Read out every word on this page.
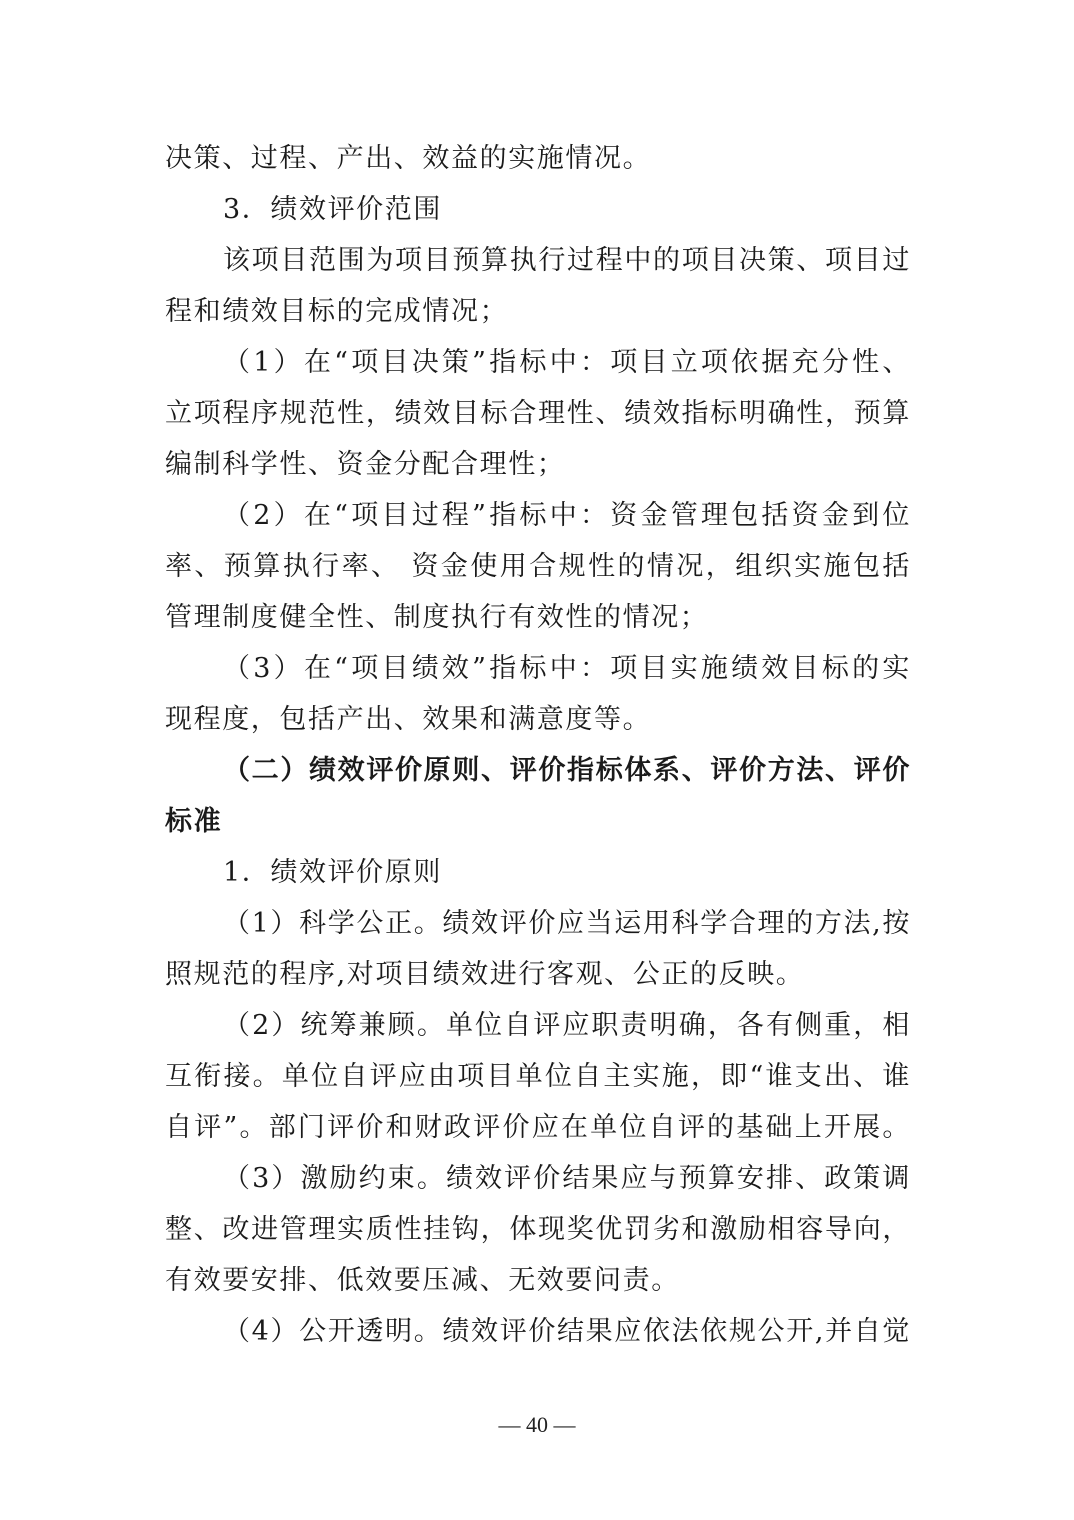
决策、过程、产出、效益的实施情况。
3．绩效评价范围
该项目范围为项目预算执行过程中的项目决策、项目过
程和绩效目标的完成情况；
（1）在“项目决策”指标中：项目立项依据充分性、
立项程序规范性，绩效目标合理性、绩效指标明确性，预算
编制科学性、资金分配合理性；
（2）在“项目过程”指标中：资金管理包括资金到位
率、预算执行率、 资金使用合规性的情况，组织实施包括
管理制度健全性、制度执行有效性的情况；
（3）在“项目绩效”指标中：项目实施绩效目标的实
现程度，包括产出、效果和满意度等。
（二）绩效评价原则、评价指标体系、评价方法、评价
标准
1．绩效评价原则
（1）科学公正。绩效评价应当运用科学合理的方法,按
照规范的程序,对项目绩效进行客观、公正的反映。
（2）统筹兼顾。单位自评应职责明确，各有侧重，相
互衔接。单位自评应由项目单位自主实施，即“谁支出、谁
自评”。部门评价和财政评价应在单位自评的基础上开展。
（3）激励约束。绩效评价结果应与预算安排、政策调
整、改进管理实质性挂钩，体现奖优罚劣和激励相容导向，
有效要安排、低效要压减、无效要问责。
（4）公开透明。绩效评价结果应依法依规公开,并自觉
— 40 —
